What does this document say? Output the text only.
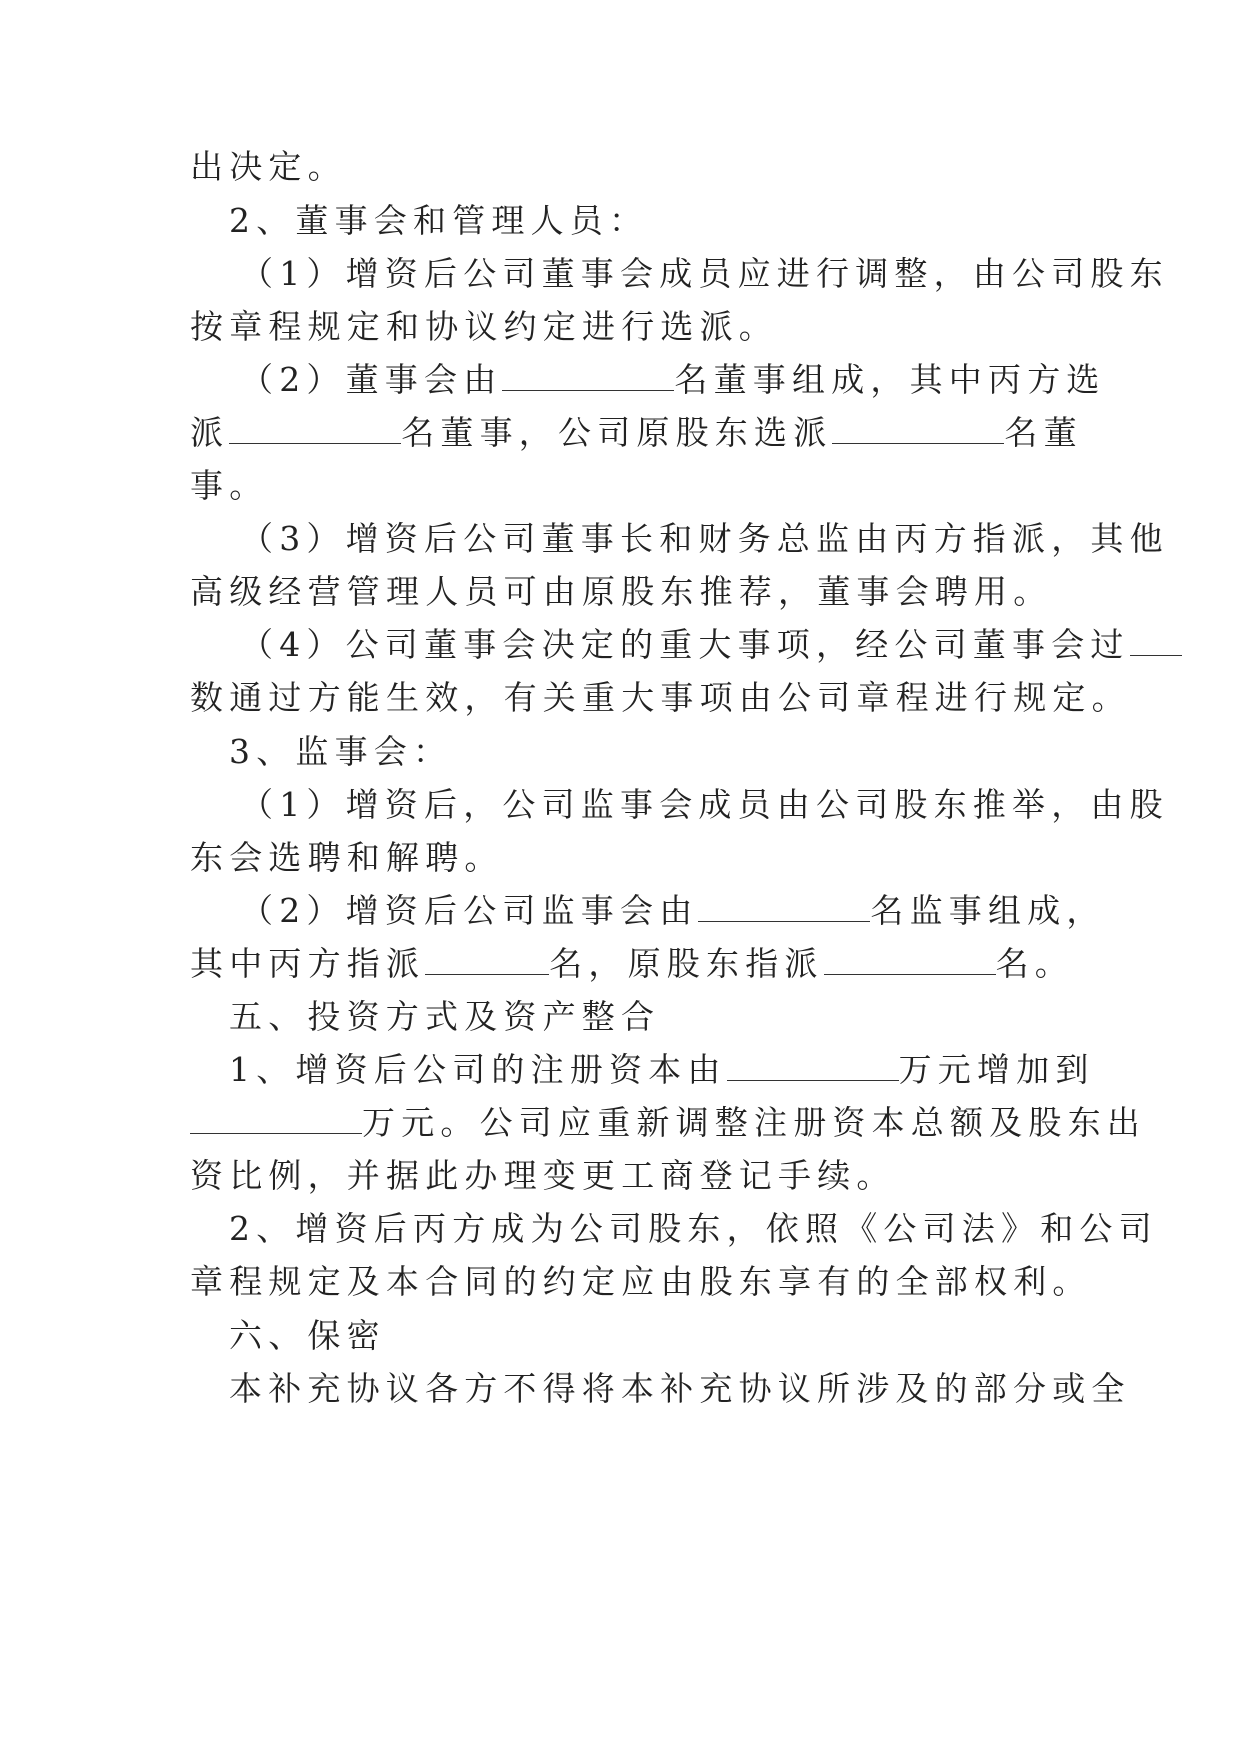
出决定。
2、董事会和管理人员：
（1）增资后公司董事会成员应进行调整，由公司股东
按章程规定和协议约定进行选派。
（2）董事会由	名董事组成，其中丙方选
派	名董事，公司原股东选派	名董
事。
（3）增资后公司董事长和财务总监由丙方指派，其他
高级经营管理人员可由原股东推荐，董事会聘用。
（4）公司董事会决定的重大事项，经公司董事会过
数通过方能生效，有关重大事项由公司章程进行规定。
3、监事会：
（1）增资后，公司监事会成员由公司股东推举，由股
东会选聘和解聘。
（2）增资后公司监事会由	名监事组成，
其中丙方指派	名，原股东指派	名。
五、投资方式及资产整合
1、增资后公司的注册资本由	万元增加到
万元。公司应重新调整注册资本总额及股东出
资比例，并据此办理变更工商登记手续。
2、增资后丙方成为公司股东，依照《公司法》和公司
章程规定及本合同的约定应由股东享有的全部权利。
六、保密
本补充协议各方不得将本补充协议所涉及的部分或全
